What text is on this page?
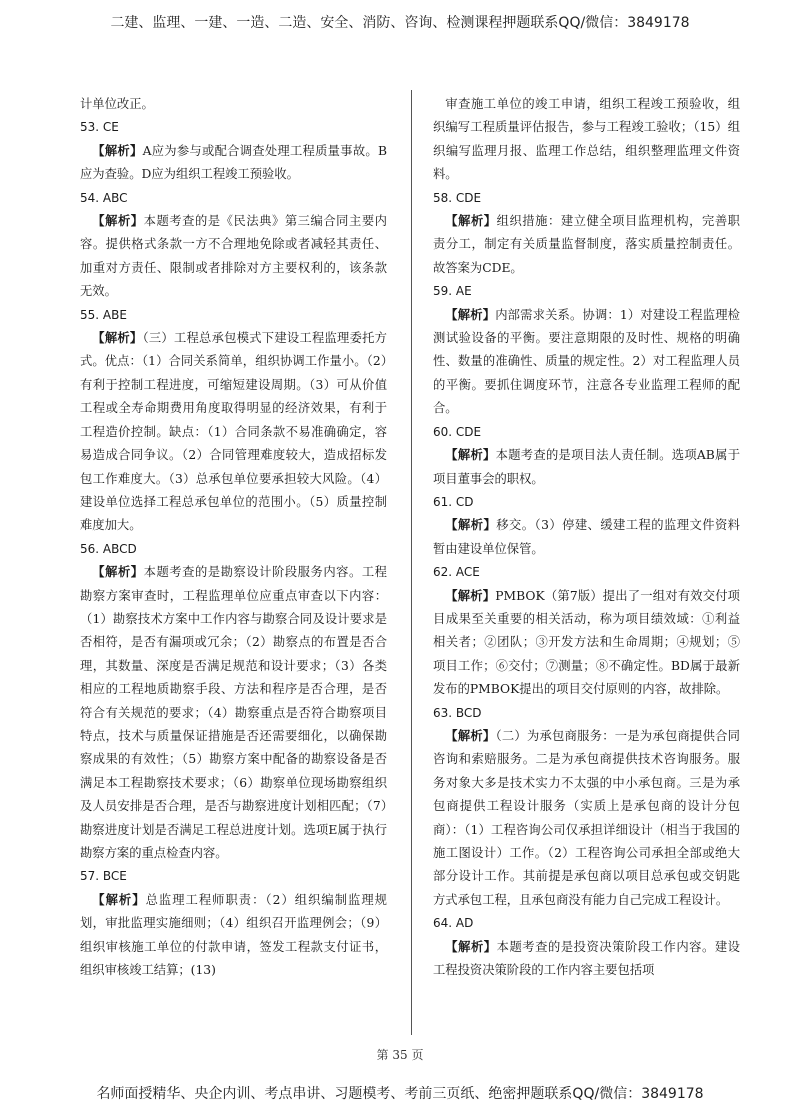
二建、监理、一建、一造、二造、安全、消防、咨询、检测课程押题联系QQ/微信：3849178

计单位改正。

53. CE

【解析】A应为参与或配合调查处理工程质量事故。B应为查验。D应为组织工程竣工预验收。

54. ABC

【解析】本题考查的是《民法典》第三编合同主要内容。提供格式条款一方不合理地免除或者减轻其责任、加重对方责任、限制或者排除对方主要权利的，该条款无效。

55. ABE

【解析】（三）工程总承包模式下建设工程监理委托方式。优点：（1）合同关系简单，组织协调工作量小。（2）有利于控制工程进度，可缩短建设周期。（3）可从价值工程或全寿命期费用角度取得明显的经济效果，有利于工程造价控制。缺点：（1）合同条款不易准确确定，容易造成合同争议。（2）合同管理难度较大，造成招标发包工作难度大。（3）总承包单位要承担较大风险。（4）建设单位选择工程总承包单位的范围小。（5）质量控制难度加大。

56. ABCD

【解析】本题考查的是勘察设计阶段服务内容。工程勘察方案审查时，工程监理单位应重点审查以下内容：（1）勘察技术方案中工作内容与勘察合同及设计要求是否相符，是否有漏项或冗余；（2）勘察点的布置是否合理，其数量、深度是否满足规范和设计要求；（3）各类相应的工程地质勘察手段、方法和程序是否合理，是否符合有关规范的要求；（4）勘察重点是否符合勘察项目特点，技术与质量保证措施是否还需要细化，以确保勘察成果的有效性；（5）勘察方案中配备的勘察设备是否满足本工程勘察技术要求；（6）勘察单位现场勘察组织及人员安排是否合理，是否与勘察进度计划相匹配；（7）勘察进度计划是否满足工程总进度计划。选项E属于执行勘察方案的重点检查内容。

57. BCE

【解析】总监理工程师职责：（2）组织编制监理规划，审批监理实施细则；（4）组织召开监理例会；（9）组织审核施工单位的付款申请，签发工程款支付证书，组织审核竣工结算；(13)

审查施工单位的竣工申请，组织工程竣工预验收，组织编写工程质量评估报告，参与工程竣工验收；（15）组织编写监理月报、监理工作总结，组织整理监理文件资料。

58. CDE

【解析】组织措施：建立健全项目监理机构，完善职责分工，制定有关质量监督制度，落实质量控制责任。故答案为CDE。

59. AE

【解析】内部需求关系。协调：1）对建设工程监理检测试验设备的平衡。要注意期限的及时性、规格的明确性、数量的准确性、质量的规定性。2）对工程监理人员的平衡。要抓住调度环节，注意各专业监理工程师的配合。

60. CDE

【解析】本题考查的是项目法人责任制。选项AB属于项目董事会的职权。

61. CD

【解析】移交。（3）停建、缓建工程的监理文件资料暂由建设单位保管。

62. ACE

【解析】PMBOK（第7版）提出了一组对有效交付项目成果至关重要的相关活动，称为项目绩效域：①利益相关者；②团队；③开发方法和生命周期；④规划；⑤项目工作；⑥交付；⑦测量；⑧不确定性。BD属于最新发布的PMBOK提出的项目交付原则的内容，故排除。

63. BCD

【解析】（二）为承包商服务：一是为承包商提供合同咨询和索赔服务。二是为承包商提供技术咨询服务。服务对象大多是技术实力不太强的中小承包商。三是为承包商提供工程设计服务（实质上是承包商的设计分包商）：（1）工程咨询公司仅承担详细设计（相当于我国的施工图设计）工作。（2）工程咨询公司承担全部或绝大部分设计工作。其前提是承包商以项目总承包或交钥匙方式承包工程，且承包商没有能力自己完成工程设计。

64. AD

【解析】本题考查的是投资决策阶段工作内容。建设工程投资决策阶段的工作内容主要包括项

第 35 页
名师面授精华、央企内训、考点串讲、习题模考、考前三页纸、绝密押题联系QQ/微信：3849178
